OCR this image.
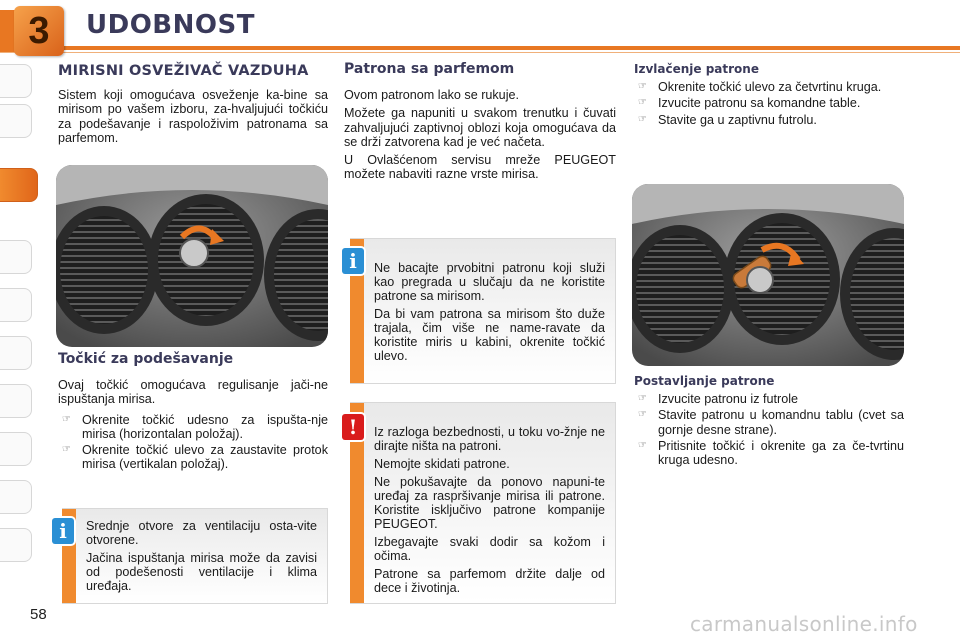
3	UDOBNOST
MIRISNI OSVEŽIVAČ VAZDUHA
Sistem koji omogućava osveženje ka-bine sa mirisom po vašem izboru, za-hvaljujući točkiću za podešavanje i raspoloživim patronama sa parfemom.
Točkić za podešavanje
Ovaj točkić omogućava regulisanje jači-ne ispuštanja mirisa.
☞ Okrenite točkić udesno za ispušta-nje mirisa (horizontalan položaj).
☞ Okrenite točkić ulevo za zaustavite protok mirisa (vertikalan položaj).
Srednje otvore za ventilaciju osta-vite otvorene.
Jačina ispuštanja mirisa može da zavisi od podešenosti ventilacije i klima uređaja.
i
Patrona sa parfemom
Ovom patronom lako se rukuje.
Možete ga napuniti u svakom trenutku i čuvati zahvaljujući zaptivnoj oblozi koja omogućava da se drži zatvorena kad je već načeta.
U Ovlašćenom servisu mreže PEUGEOT možete nabaviti razne vrste mirisa.
Ne bacajte prvobitni patronu koji služi kao pregrada u slučaju da ne koristite patrone sa mirisom.
Da bi vam patrona sa mirisom što duže trajala, čim više ne name-ravate da koristite miris u kabini, okrenite točkić ulevo.
i
Iz razloga bezbednosti, u toku vo-žnje ne dirajte ništa na patroni.
Nemojte skidati patrone.
Ne pokušavajte da ponovo napuni-te uređaj za raspršivanje mirisa ili patrone. Koristite isključivo patrone kompanije PEUGEOT.
Izbegavajte svaki dodir sa kožom i očima.
Patrone sa parfemom držite dalje od dece i životinja.
!
Izvlačenje patrone
☞ Okrenite točkić ulevo za četvrtinu kruga.
☞ Izvucite patronu sa komandne table.
☞ Stavite ga u zaptivnu futrolu.
Postavljanje patrone
☞ Izvucite patronu iz futrole
☞ Stavite patronu u komandnu tablu (cvet sa gornje desne strane).
☞ Pritisnite točkić i okrenite ga za če-tvrtinu kruga udesno.
58	carmanualsonline.info
